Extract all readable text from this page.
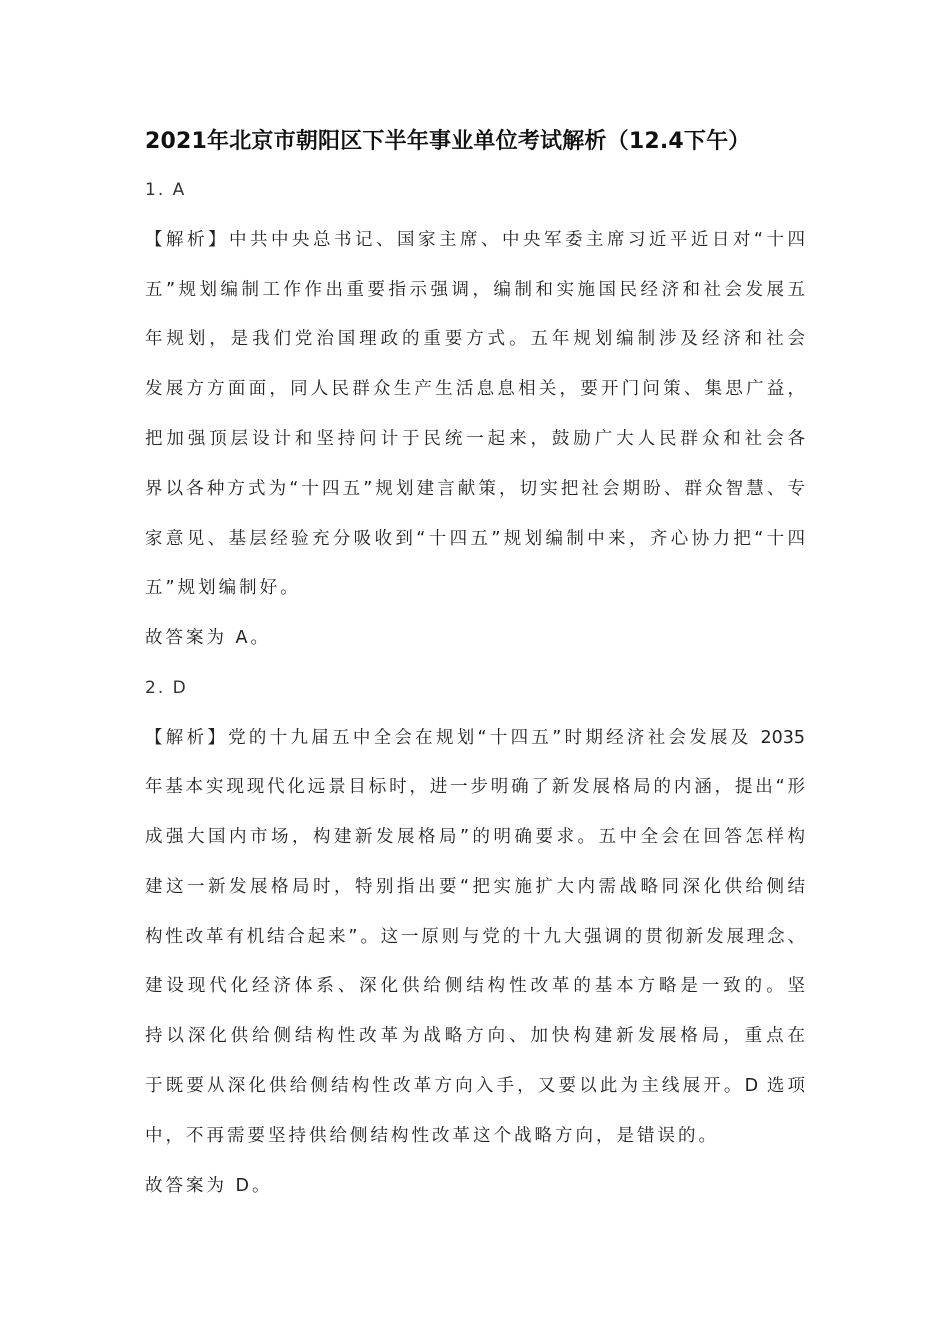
2021年北京市朝阳区下半年事业单位考试解析（12.4下午）
1. A
【解析】中共中央总书记、国家主席、中央军委主席习近平近日对“十四
五”规划编制工作作出重要指示强调，编制和实施国民经济和社会发展五
年规划，是我们党治国理政的重要方式。五年规划编制涉及经济和社会
发展方方面面，同人民群众生产生活息息相关，要开门问策、集思广益，
把加强顶层设计和坚持问计于民统一起来，鼓励广大人民群众和社会各
界以各种方式为“十四五”规划建言献策，切实把社会期盼、群众智慧、专
家意见、基层经验充分吸收到“十四五”规划编制中来，齐心协力把“十四
五”规划编制好。
故答案为 A。
2. D
【解析】党的十九届五中全会在规划“十四五”时期经济社会发展及 2035
年基本实现现代化远景目标时，进一步明确了新发展格局的内涵，提出“形
成强大国内市场，构建新发展格局”的明确要求。五中全会在回答怎样构
建这一新发展格局时，特别指出要“把实施扩大内需战略同深化供给侧结
构性改革有机结合起来”。这一原则与党的十九大强调的贯彻新发展理念、
建设现代化经济体系、深化供给侧结构性改革的基本方略是一致的。坚
持以深化供给侧结构性改革为战略方向、加快构建新发展格局，重点在
于既要从深化供给侧结构性改革方向入手，又要以此为主线展开。D 选项
中，不再需要坚持供给侧结构性改革这个战略方向，是错误的。
故答案为 D。
